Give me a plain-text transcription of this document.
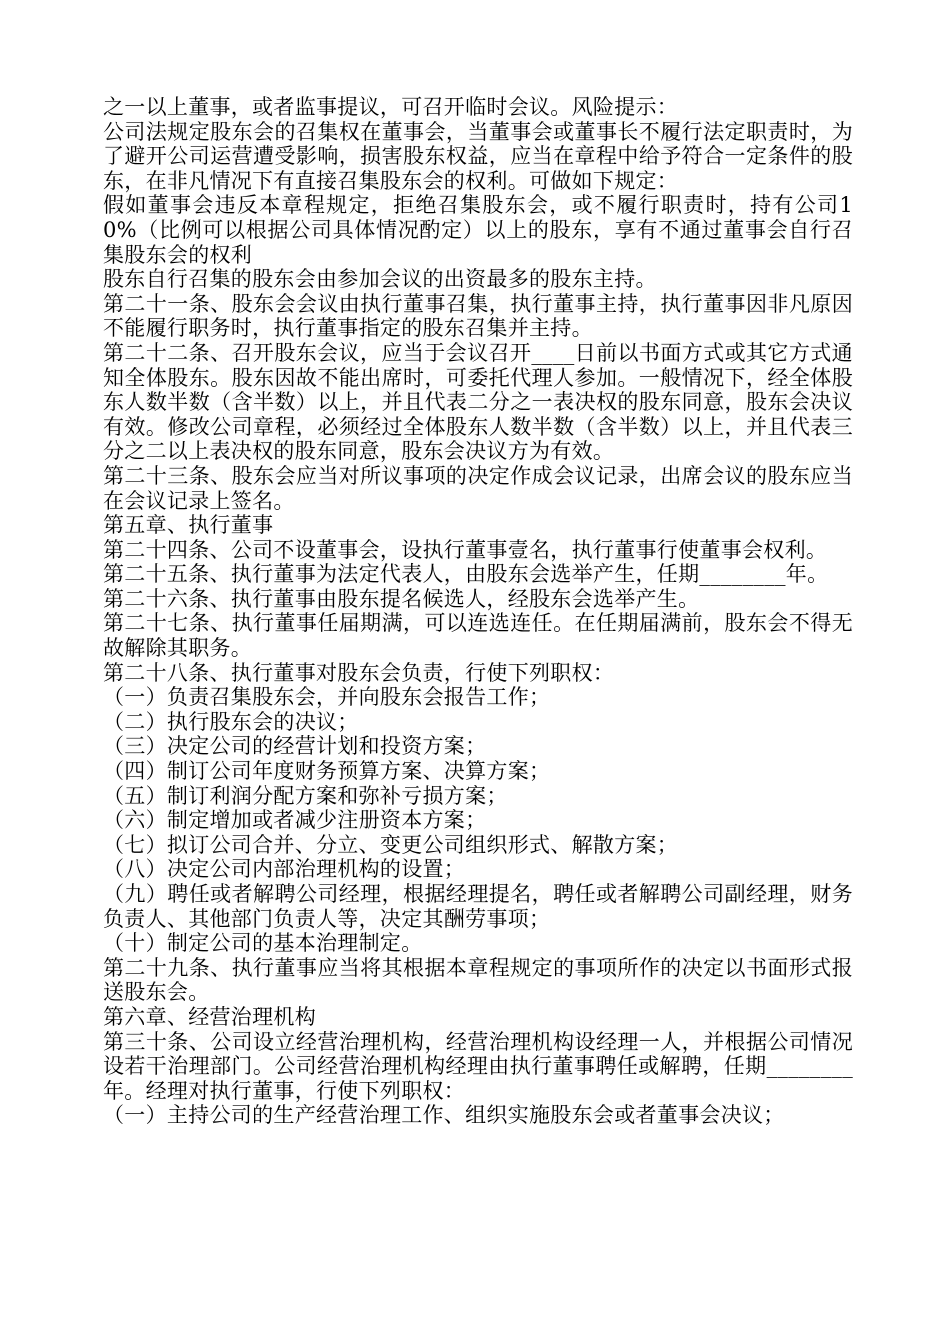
之一以上董事，或者监事提议，可召开临时会议。风险提示：

公司法规定股东会的召集权在董事会，当董事会或董事长不履行法定职责时，为了避开公司运营遭受影响，损害股东权益，应当在章程中给予符合一定条件的股东，在非凡情况下有直接召集股东会的权利。可做如下规定：

假如董事会违反本章程规定，拒绝召集股东会，或不履行职责时，持有公司10%（比例可以根据公司具体情况酌定）以上的股东，享有不通过董事会自行召集股东会的权利

股东自行召集的股东会由参加会议的出资最多的股东主持。

第二十一条、股东会会议由执行董事召集，执行董事主持，执行董事因非凡原因不能履行职务时，执行董事指定的股东召集并主持。

第二十二条、召开股东会议，应当于会议召开____日前以书面方式或其它方式通知全体股东。股东因故不能出席时，可委托代理人参加。一般情况下，经全体股东人数半数（含半数）以上，并且代表二分之一表决权的股东同意，股东会决议有效。修改公司章程，必须经过全体股东人数半数（含半数）以上，并且代表三分之二以上表决权的股东同意，股东会决议方为有效。

第二十三条、股东会应当对所议事项的决定作成会议记录，出席会议的股东应当在会议记录上签名。

第五章、执行董事

第二十四条、公司不设董事会，设执行董事壹名，执行董事行使董事会权利。

第二十五条、执行董事为法定代表人，由股东会选举产生，任期________年。

第二十六条、执行董事由股东提名候选人，经股东会选举产生。

第二十七条、执行董事任届期满，可以连选连任。在任期届满前，股东会不得无故解除其职务。

第二十八条、执行董事对股东会负责，行使下列职权：

（一）负责召集股东会，并向股东会报告工作；

（二）执行股东会的决议；

（三）决定公司的经营计划和投资方案；

（四）制订公司年度财务预算方案、决算方案；

（五）制订利润分配方案和弥补亏损方案；

（六）制定增加或者减少注册资本方案；

（七）拟订公司合并、分立、变更公司组织形式、解散方案；

（八）决定公司内部治理机构的设置；

（九）聘任或者解聘公司经理，根据经理提名，聘任或者解聘公司副经理，财务负责人、其他部门负责人等，决定其酬劳事项；

（十）制定公司的基本治理制定。

第二十九条、执行董事应当将其根据本章程规定的事项所作的决定以书面形式报送股东会。

第六章、经营治理机构

第三十条、公司设立经营治理机构，经营治理机构设经理一人，并根据公司情况设若干治理部门。公司经营治理机构经理由执行董事聘任或解聘，任期________年。经理对执行董事，行使下列职权：

（一）主持公司的生产经营治理工作、组织实施股东会或者董事会决议；
